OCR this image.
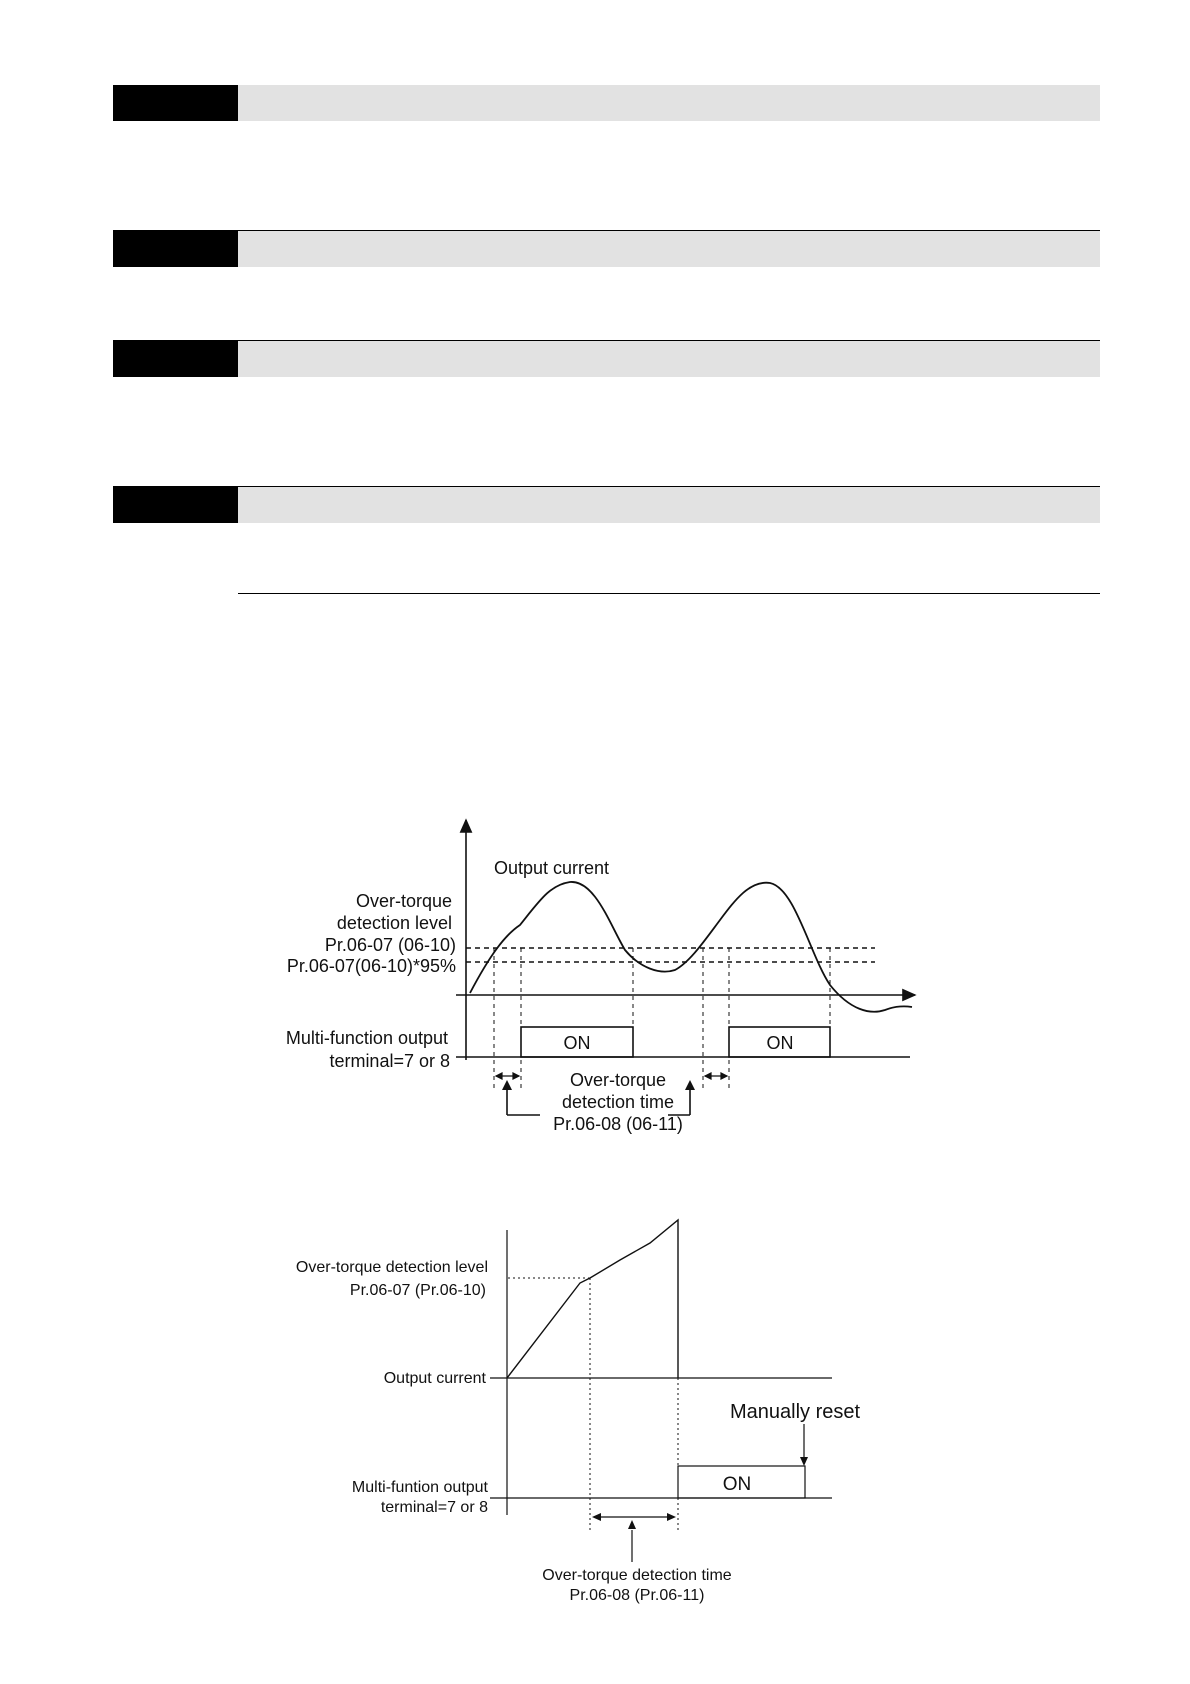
ON	ON
Output current
Over-torque
detection level
Pr.06-07 (06-10)
Pr.06-07(06-10)*95%
Multi-function output
terminal=7 or 8
Over-torque
detection time
Pr.06-08 (06-11)
ON
Manually reset
Over-torque detection level
Pr.06-07 (Pr.06-10)
Output current
Multi-funtion output
terminal=7 or 8
Over-torque detection time
Pr.06-08 (Pr.06-11)
